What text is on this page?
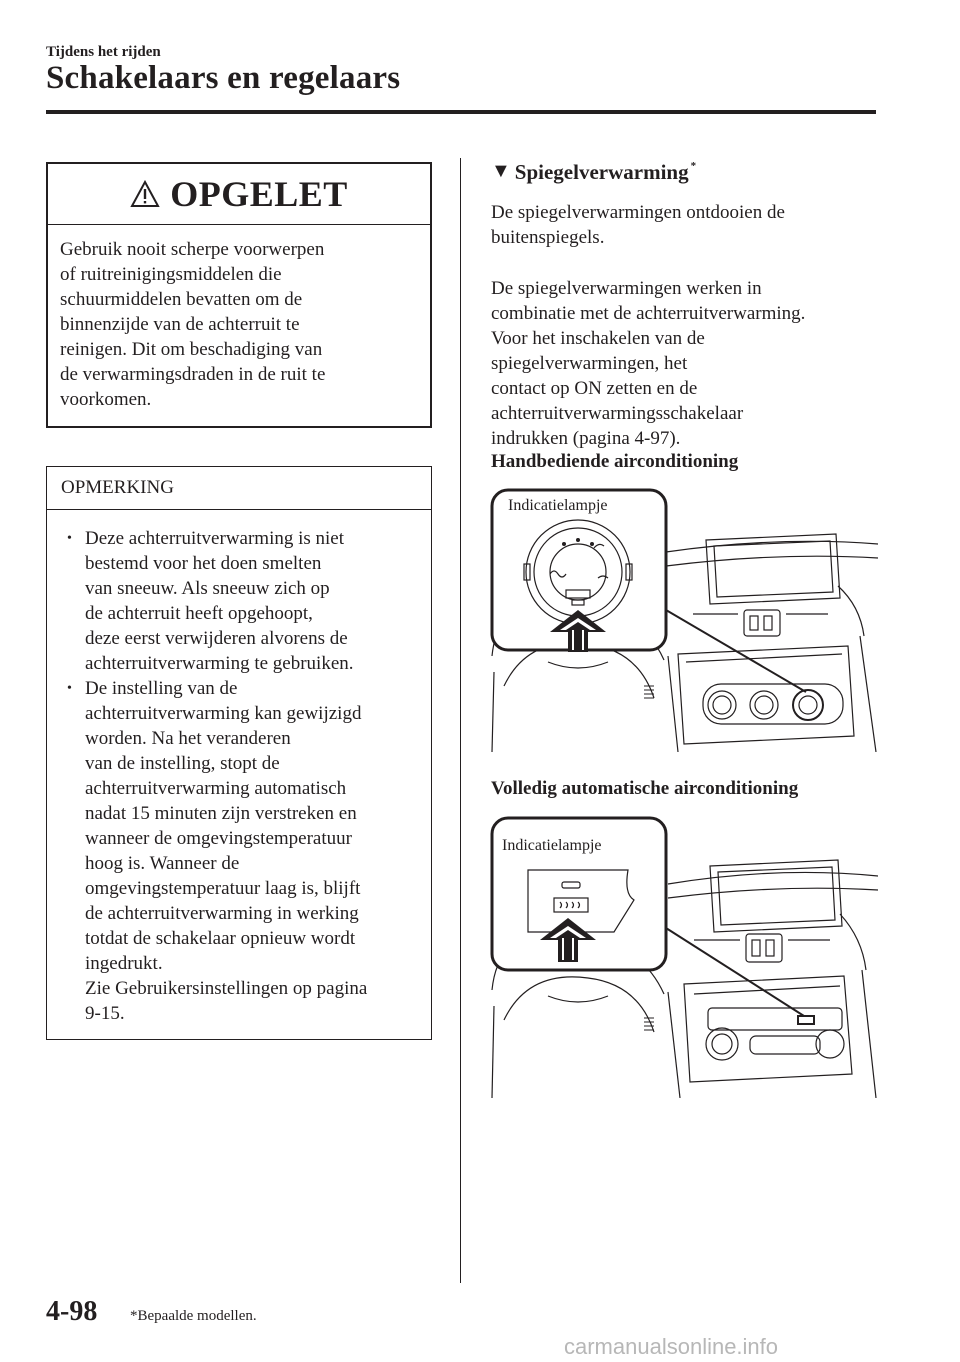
Tijdens het rijden
Schakelaars en regelaars
OPGELET
Gebruik nooit scherpe voorwerpen
of ruitreinigingsmiddelen die
schuurmiddelen bevatten om de
binnenzijde van de achterruit te
reinigen. Dit om beschadiging van
de verwarmingsdraden in de ruit te
voorkomen.
OPMERKING
• Deze achterruitverwarming is niet
bestemd voor het doen smelten
van sneeuw. Als sneeuw zich op
de achterruit heeft opgehoopt,
deze eerst verwijderen alvorens de
achterruitverwarming te gebruiken.
• De instelling van de
achterruitverwarming kan gewijzigd
worden. Na het veranderen
van de instelling, stopt de
achterruitverwarming automatisch
nadat 15 minuten zijn verstreken en
wanneer de omgevingstemperatuur
hoog is. Wanneer de
omgevingstemperatuur laag is, blijft
de achterruitverwarming in werking
totdat de schakelaar opnieuw wordt
ingedrukt.
Zie Gebruikersinstellingen op pagina
9-15.
▼ Spiegelverwarming*
De spiegelverwarmingen ontdooien de
buitenspiegels.
De spiegelverwarmingen werken in
combinatie met de achterruitverwarming.
Voor het inschakelen van de
spiegelverwarmingen, het
contact op ON zetten en de
achterruitverwarmingsschakelaar
indrukken (pagina 4-97).
Handbediende airconditioning
Indicatielampje
Volledig automatische airconditioning
Indicatielampje
4-98 *Bepaalde modellen.
carmanualsonline.info
